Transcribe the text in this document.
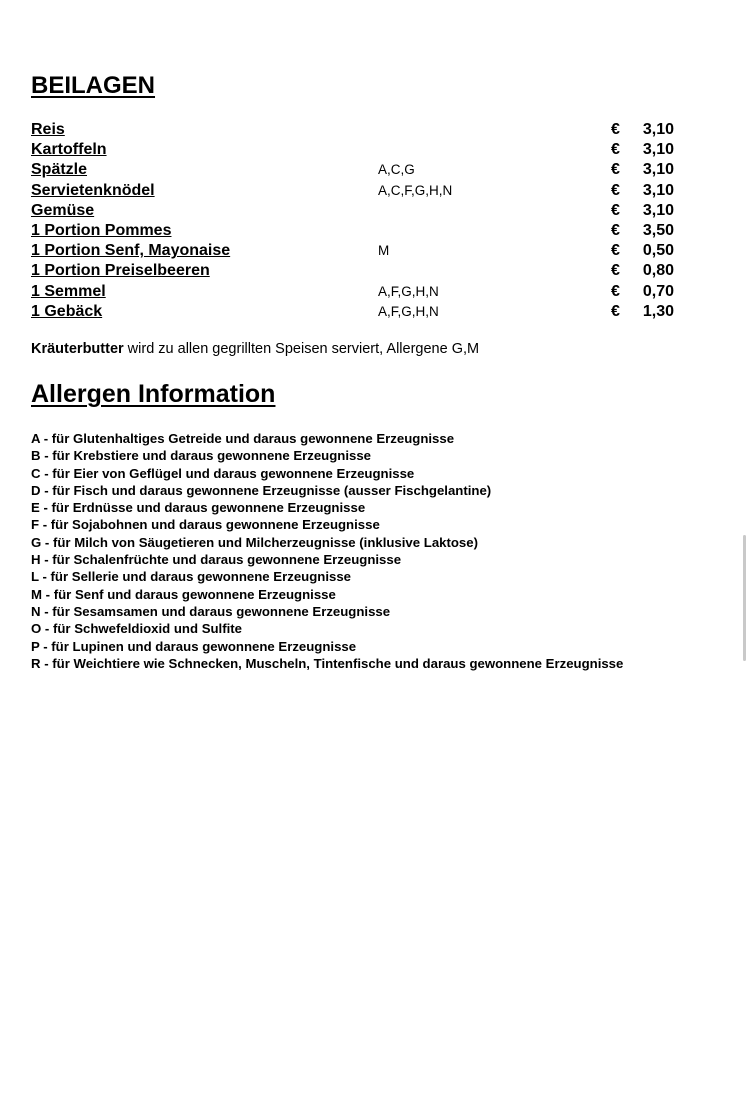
BEILAGEN
Reis	€ 3,10
Kartoffeln	€ 3,10
Spätzle	A,C,G	€ 3,10
Servietenknödel	A,C,F,G,H,N	€ 3,10
Gemüse	€ 3,10
1 Portion Pommes	€ 3,50
1 Portion Senf, Mayonaise	M	€ 0,50
1 Portion Preiselbeeren	€ 0,80
1 Semmel	A,F,G,H,N	€ 0,70
1 Gebäck	A,F,G,H,N	€ 1,30
Kräuterbutter wird zu allen gegrillten Speisen serviert, Allergene G,M
Allergen Information
A - für Glutenhaltiges Getreide und daraus gewonnene Erzeugnisse
B - für Krebstiere und daraus gewonnene Erzeugnisse
C - für Eier von Geflügel und daraus gewonnene Erzeugnisse
D - für Fisch und daraus gewonnene Erzeugnisse (ausser Fischgelantine)
E - für Erdnüsse und daraus gewonnene Erzeugnisse
F - für Sojabohnen und daraus gewonnene Erzeugnisse
G - für Milch von Säugetieren und Milcherzeugnisse (inklusive Laktose)
H - für Schalenfrüchte und daraus gewonnene Erzeugnisse
L - für Sellerie und daraus gewonnene Erzeugnisse
M - für Senf und daraus gewonnene Erzeugnisse
N - für Sesamsamen und daraus gewonnene Erzeugnisse
O - für Schwefeldioxid und Sulfite
P - für Lupinen und daraus gewonnene Erzeugnisse
R - für Weichtiere wie Schnecken, Muscheln, Tintenfische und daraus gewonnene Erzeugnisse
